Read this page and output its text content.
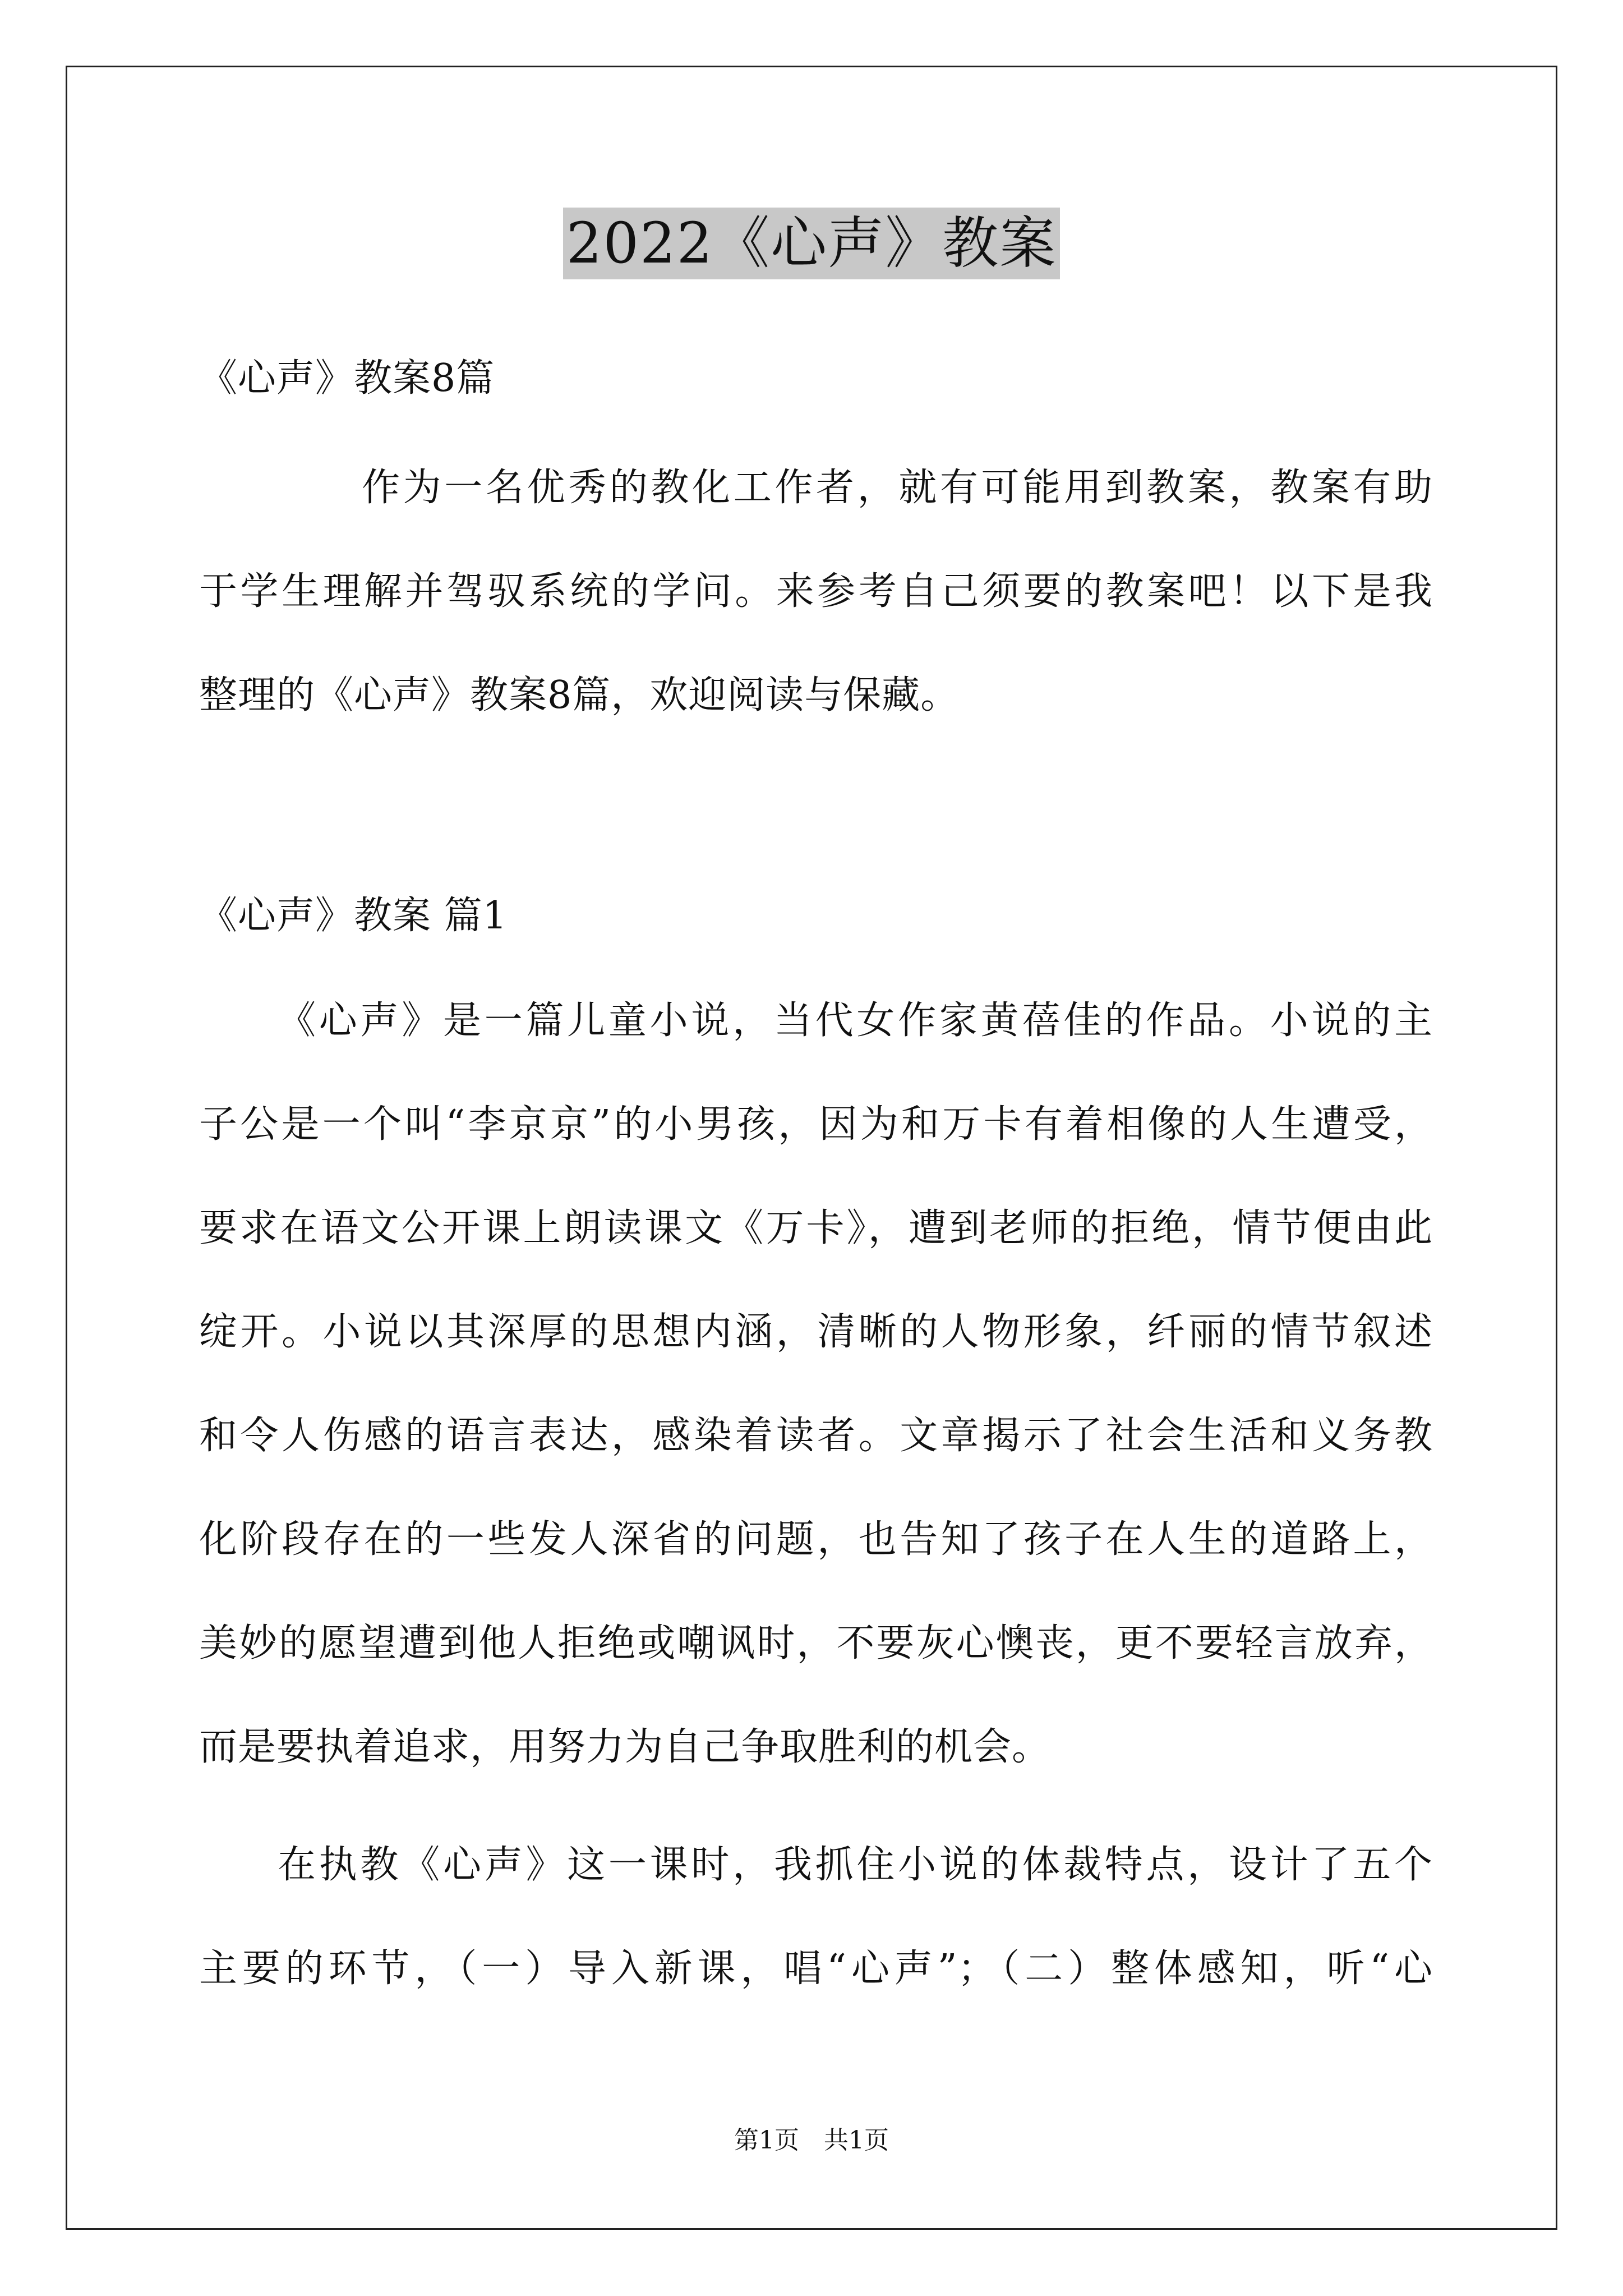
2022《心声》教案
《心声》教案8篇
作为一名优秀的教化工作者，就有可能用到教案，教案有助
于学生理解并驾驭系统的学问。来参考自己须要的教案吧！以下是我
整理的《心声》教案8篇，欢迎阅读与保藏。
《心声》教案 篇1
《心声》是一篇儿童小说，当代女作家黄蓓佳的作品。小说的主
子公是一个叫“李京京”的小男孩，因为和万卡有着相像的人生遭受，
要求在语文公开课上朗读课文《万卡》，遭到老师的拒绝，情节便由此
绽开。小说以其深厚的思想内涵，清晰的人物形象，纤丽的情节叙述
和令人伤感的语言表达，感染着读者。文章揭示了社会生活和义务教
化阶段存在的一些发人深省的问题，也告知了孩子在人生的道路上，
美妙的愿望遭到他人拒绝或嘲讽时，不要灰心懊丧，更不要轻言放弃，
而是要执着追求，用努力为自己争取胜利的机会。
在执教《心声》这一课时，我抓住小说的体裁特点，设计了五个
主要的环节，（一）导入新课，唱“心声”；（二）整体感知，听“心
第1页　共1页
